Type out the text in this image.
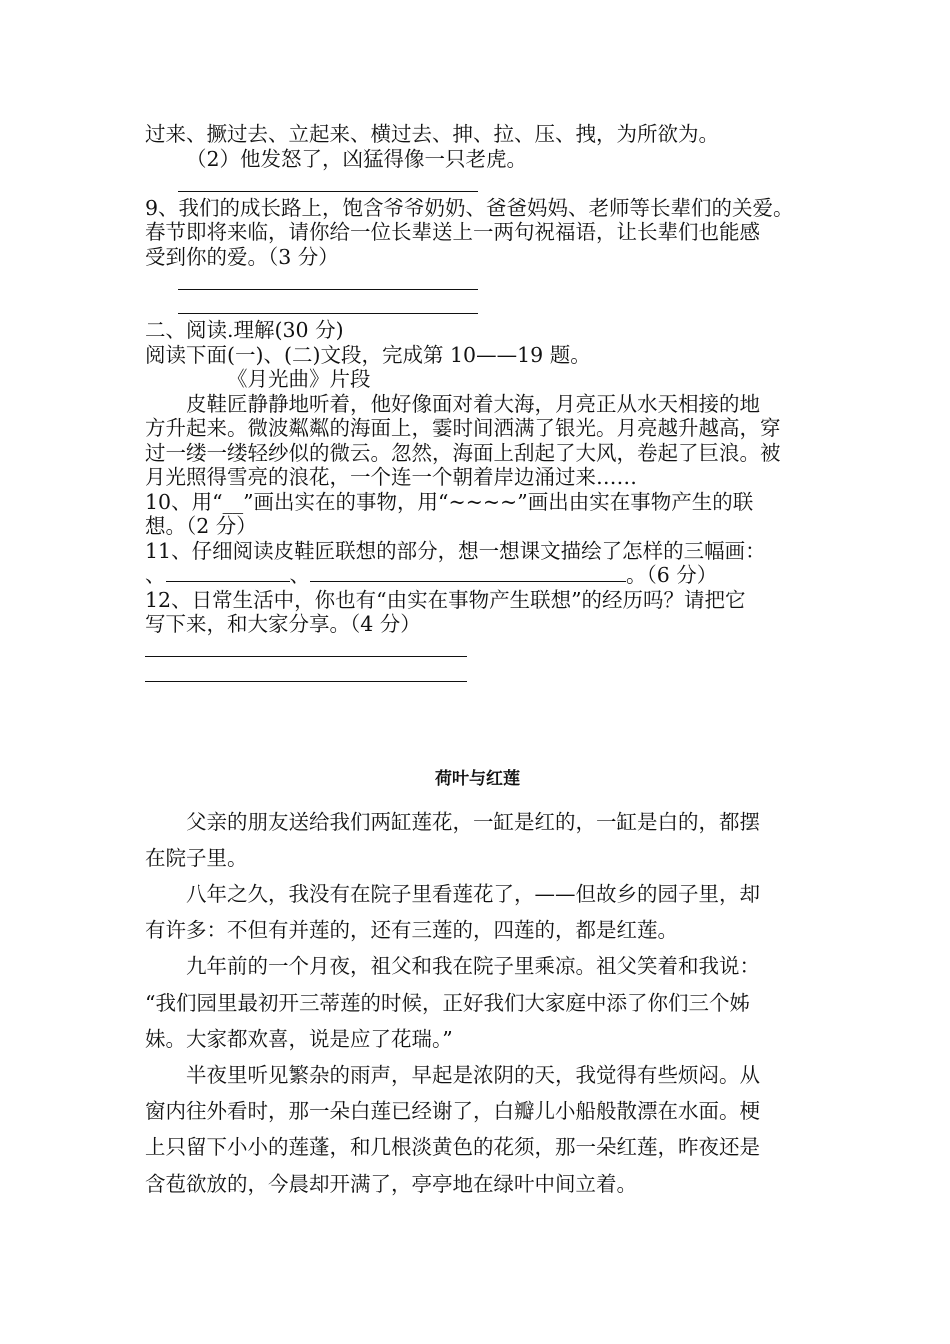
过来、撅过去、立起来、横过去、抻、拉、压、拽，为所欲为。
（2）他发怒了，凶猛得像一只老虎。
9、我们的成长路上，饱含爷爷奶奶、爸爸妈妈、老师等长辈们的关爱。
春节即将来临，请你给一位长辈送上一两句祝福语，让长辈们也能感
受到你的爱。（3 分）
二、阅读.理解(30 分)
阅读下面(一)、(二)文段，完成第 10——19 题。
《月光曲》片段
皮鞋匠静静地听着，他好像面对着大海，月亮正从水天相接的地
方升起来。微波粼粼的海面上，霎时间洒满了银光。月亮越升越高，穿
过一缕一缕轻纱似的微云。忽然，海面上刮起了大风，卷起了巨浪。被
月光照得雪亮的浪花，一个连一个朝着岸边涌过来……
10、用“__”画出实在的事物，用“~~~~”画出由实在事物产生的联
想。（2 分）
11、仔细阅读皮鞋匠联想的部分，想一想课文描绘了怎样的三幅画：
、	、	。（6 分）
12、日常生活中，你也有“由实在事物产生联想”的经历吗？请把它
写下来，和大家分享。（4 分）
荷叶与红莲
父亲的朋友送给我们两缸莲花，一缸是红的，一缸是白的，都摆
在院子里。
八年之久，我没有在院子里看莲花了，——但故乡的园子里，却
有许多：不但有并莲的，还有三莲的，四莲的，都是红莲。
九年前的一个月夜，祖父和我在院子里乘凉。祖父笑着和我说：
“我们园里最初开三蒂莲的时候，正好我们大家庭中添了你们三个姊
妹。大家都欢喜，说是应了花瑞。”
半夜里听见繁杂的雨声，早起是浓阴的天，我觉得有些烦闷。从
窗内往外看时，那一朵白莲已经谢了，白瓣儿小船般散漂在水面。梗
上只留下小小的莲蓬，和几根淡黄色的花须，那一朵红莲，昨夜还是
含苞欲放的，今晨却开满了，亭亭地在绿叶中间立着。
